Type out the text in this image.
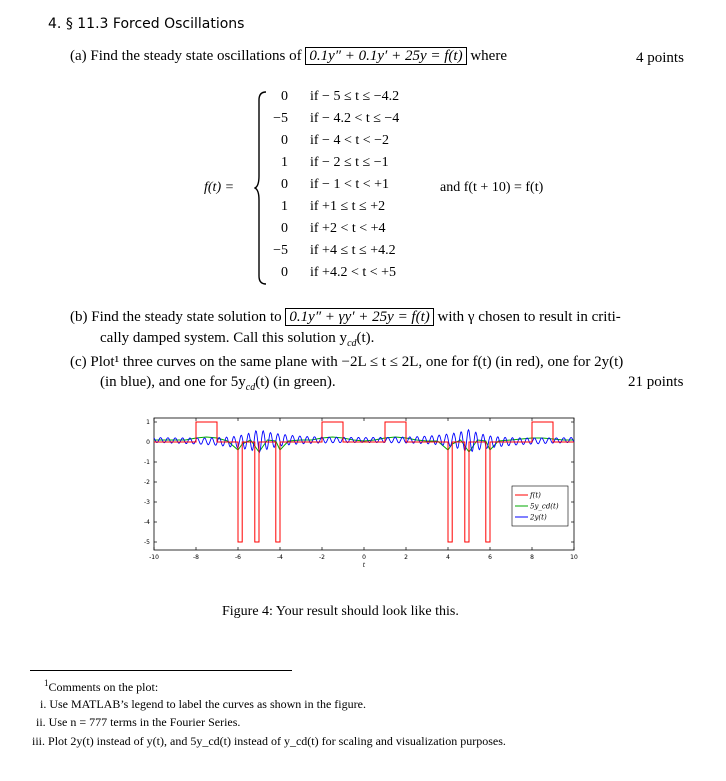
4. § 11.3 Forced Oscillations
(a) Find the steady state oscillations of 0.1y″ + 0.1y′ + 25y = f(t) where	4 points
f(t) =
0 if − 5 ≤ t ≤ −4.2
−5 if − 4.2 < t ≤ −4
0 if − 4 < t < −2
1 if − 2 ≤ t ≤ −1
0 if − 1 < t < +1
1 if +1 ≤ t ≤ +2
0 if +2 < t < +4
−5 if +4 ≤ t ≤ +4.2
0 if +4.2 < t < +5
and f(t + 10) = f(t)
(b) Find the steady state solution to 0.1y″ + γy′ + 25y = f(t) with γ chosen to result in criti-
cally damped system. Call this solution $y_{cd}(t)$.
(c) Plot¹ three curves on the same plane with −2L ≤ t ≤ 2L, one for f(t) (in red), one for 2y(t)
(in blue), and one for $5y_{cd}(t)$ (in green).	21 points
-10	-8	-6	-4	-2	0	2	4	6	8	10
1
0
-1
-2
-3
-4
-5
t
f(t)
5y_cd(t)
2y(t)
Figure 4: Your result should look like this.
$^1$Comments on the plot:
i. Use MATLAB’s legend to label the curves as shown in the figure.
ii. Use n = 777 terms in the Fourier Series.
iii. Plot 2y(t) instead of y(t), and 5y_cd(t) instead of y_cd(t) for scaling and visualization purposes.
